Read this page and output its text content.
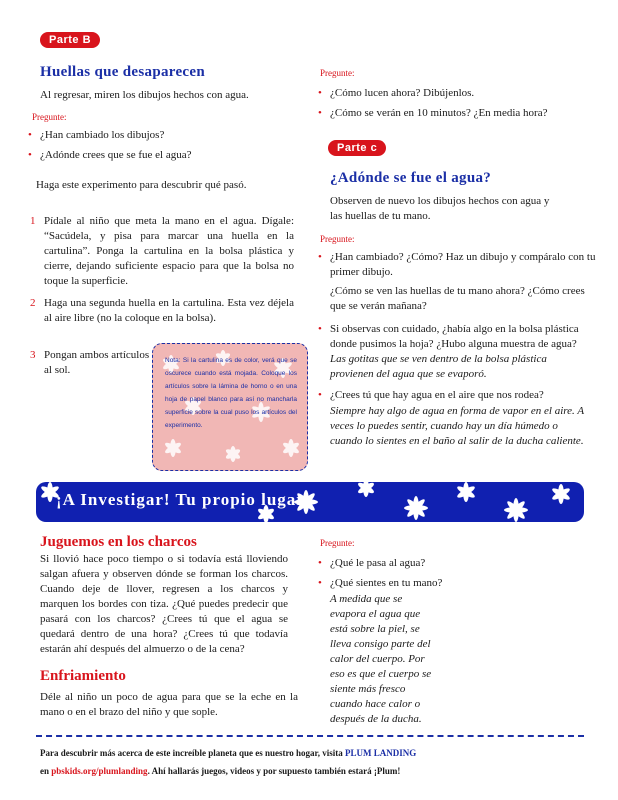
Parte B
Huellas que desaparecen
Al regresar, miren los dibujos hechos con agua.
Pregunte:
• ¿Han cambiado los dibujos?
• ¿Adónde crees que se fue el agua?
Haga este experimento para descubrir qué pasó.
1 Pídale al niño que meta la mano en el agua. Dígale: “Sacúdela, y pisa para marcar una huella en la cartulina”. Ponga la cartulina en la bolsa plástica y cierre, dejando suficiente espacio para que la bolsa no toque la superficie.
2 Haga una segunda huella en la cartulina. Esta vez déjela al aire libre (no la coloque en la bolsa).
3 Pongan ambos artículos al sol.
Nota: Si la cartulina es de color, verá que se oscurece cuando está mojada. Coloque los artículos sobre la lámina de horno o en una hoja de papel blanco para así no mancharla superficie sobre la cual puso los artículos del experimento.
Pregunte:
• ¿Cómo lucen ahora? Dibújenlos.
• ¿Cómo se verán en 10 minutos? ¿En media hora?
Parte c
¿Adónde se fue el agua?
Observen de nuevo los dibujos hechos con agua y las huellas de tu mano.
Pregunte:
• ¿Han cambiado? ¿Cómo? Haz un dibujo y compáralo con tu primer dibujo.
¿Cómo se ven las huellas de tu mano ahora? ¿Cómo crees que se verán mañana?
• Si observas con cuidado, ¿había algo en la bolsa plástica donde pusimos la hoja? ¿Hubo alguna muestra de agua?
Las gotitas que se ven dentro de la bolsa plástica provienen del agua que se evaporó.
• ¿Crees tú que hay agua en el aire que nos rodea?
Siempre hay algo de agua en forma de vapor en el aire. A veces lo puedes sentir, cuando hay un día húmedo o cuando lo sientes en el baño al salir de la ducha caliente.
¡A Investigar! Tu propio lugar
Juguemos en los charcos
Si llovió hace poco tiempo o si todavía está lloviendo salgan afuera y observen dónde se forman los charcos. Cuando deje de llover, regresen a los charcos y marquen los bordes con tiza. ¿Qué puedes predecir que pasará con los charcos? ¿Crees tú que el agua se quedará dentro de una hora? ¿Crees tú que todavía estarán ahí después del almuerzo o de la cena?
Enfriamiento
Déle al niño un poco de agua para que se la eche en la mano o en el brazo del niño y que sople.
Pregunte:
• ¿Qué le pasa al agua?
• ¿Qué sientes en tu mano?
A medida que se evapora el agua que está sobre la piel, se lleva consigo parte del calor del cuerpo. Por eso es que el cuerpo se siente más fresco cuando hace calor o después de la ducha.
Para descubrir más acerca de este increíble planeta que es nuestro hogar, visita PLUM LANDING
en pbskids.org/plumlanding. Ahí hallarás juegos, videos y por supuesto también estará ¡Plum!
